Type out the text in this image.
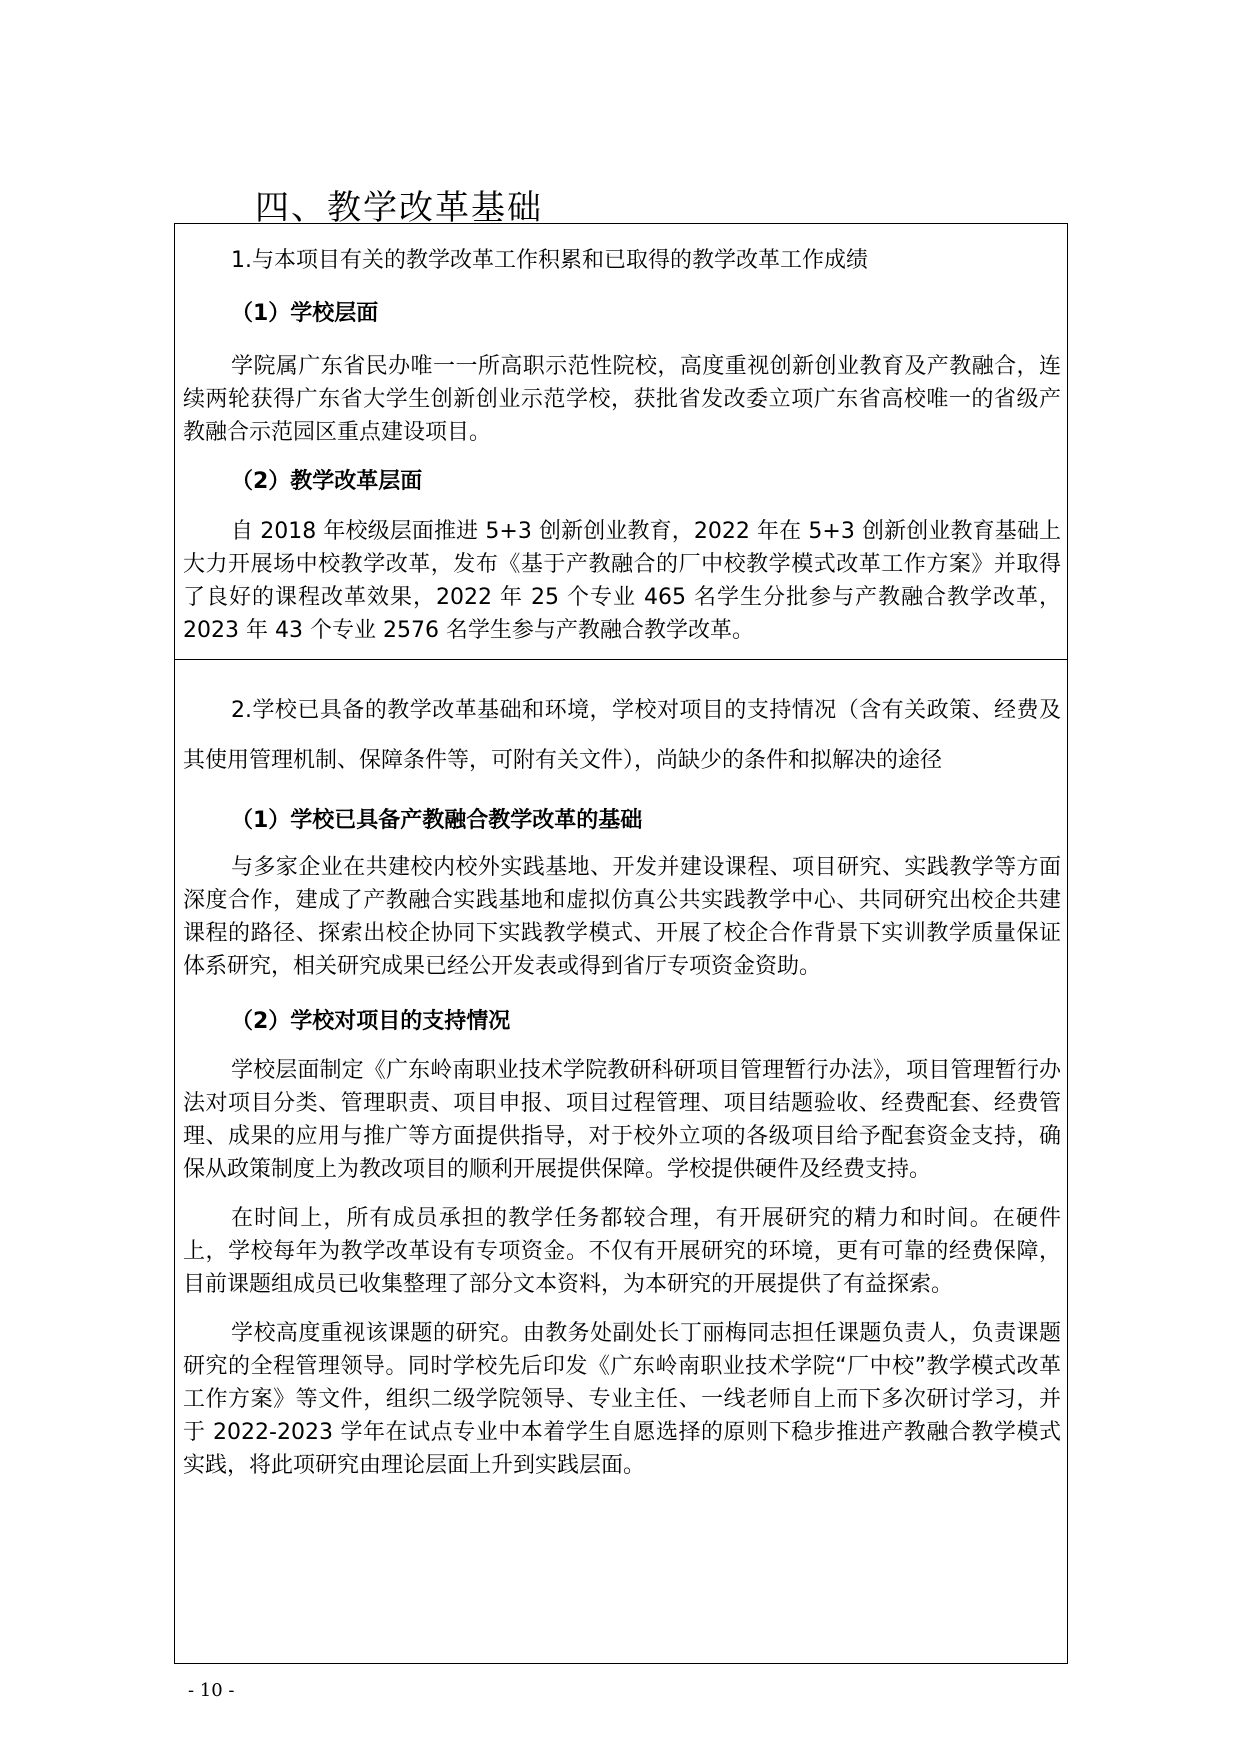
四、教学改革基础

1.与本项目有关的教学改革工作积累和已取得的教学改革工作成绩

（1）学校层面

学院属广东省民办唯一一所高职示范性院校，高度重视创新创业教育及产教融合，连续两轮获得广东省大学生创新创业示范学校，获批省发改委立项广东省高校唯一的省级产教融合示范园区重点建设项目。

（2）教学改革层面

自 2018 年校级层面推进 5+3 创新创业教育，2022 年在 5+3 创新创业教育基础上大力开展场中校教学改革，发布《基于产教融合的厂中校教学模式改革工作方案》并取得了良好的课程改革效果，2022 年 25 个专业 465 名学生分批参与产教融合教学改革，2023 年 43 个专业 2576 名学生参与产教融合教学改革。

2.学校已具备的教学改革基础和环境，学校对项目的支持情况（含有关政策、经费及其使用管理机制、保障条件等，可附有关文件），尚缺少的条件和拟解决的途径

（1）学校已具备产教融合教学改革的基础

与多家企业在共建校内校外实践基地、开发并建设课程、项目研究、实践教学等方面深度合作，建成了产教融合实践基地和虚拟仿真公共实践教学中心、共同研究出校企共建课程的路径、探索出校企协同下实践教学模式、开展了校企合作背景下实训教学质量保证体系研究，相关研究成果已经公开发表或得到省厅专项资金资助。

（2）学校对项目的支持情况

学校层面制定《广东岭南职业技术学院教研科研项目管理暂行办法》，项目管理暂行办法对项目分类、管理职责、项目申报、项目过程管理、项目结题验收、经费配套、经费管理、成果的应用与推广等方面提供指导，对于校外立项的各级项目给予配套资金支持，确保从政策制度上为教改项目的顺利开展提供保障。学校提供硬件及经费支持。

在时间上，所有成员承担的教学任务都较合理，有开展研究的精力和时间。在硬件上，学校每年为教学改革设有专项资金。不仅有开展研究的环境，更有可靠的经费保障，目前课题组成员已收集整理了部分文本资料，为本研究的开展提供了有益探索。

学校高度重视该课题的研究。由教务处副处长丁丽梅同志担任课题负责人，负责课题研究的全程管理领导。同时学校先后印发《广东岭南职业技术学院“厂中校”教学模式改革工作方案》等文件，组织二级学院领导、专业主任、一线老师自上而下多次研讨学习，并于 2022-2023 学年在试点专业中本着学生自愿选择的原则下稳步推进产教融合教学模式实践，将此项研究由理论层面上升到实践层面。

- 10 -
